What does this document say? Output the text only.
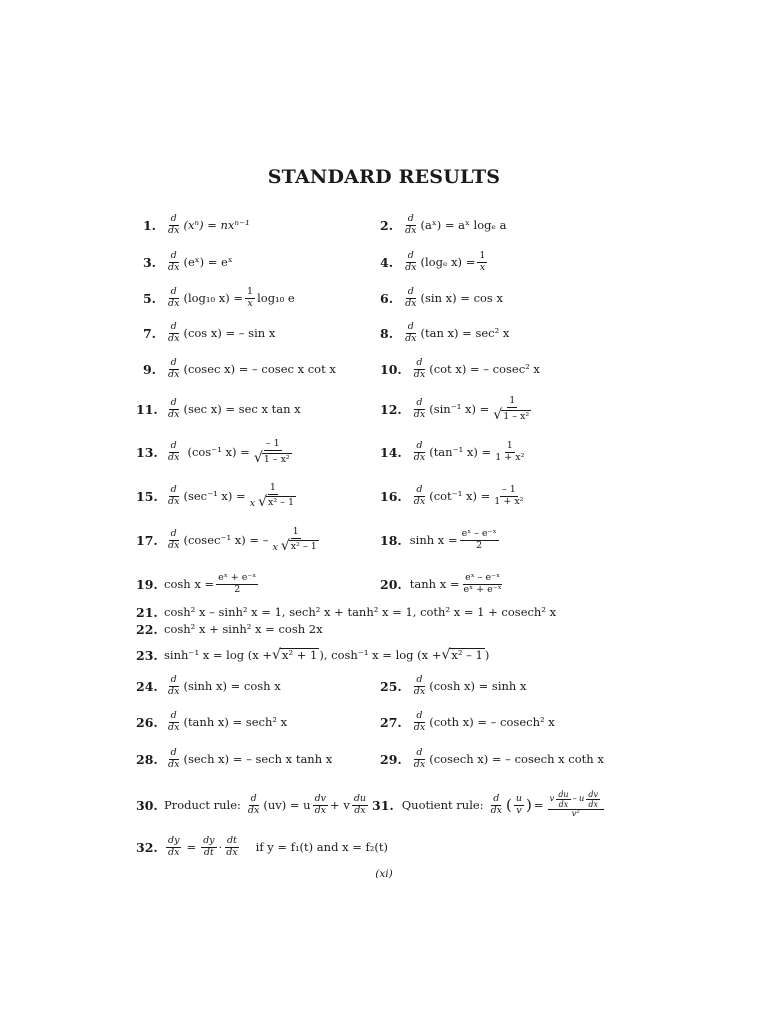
STANDARD RESULTS
1. $\frac{d}{dx} (x^n) = nx^{n-1}$	2. $\frac{d}{dx}$ (aˣ) = aˣ logₑ a
3. $\frac{d}{dx}$ (eˣ) = eˣ	4. $\frac{d}{dx} (\log_e$ $x) = \frac{1}{x}$
5. $\frac{d}{dx} (\log_{10}$ $x) = \frac{1}{x} \log_{10}$ e	6. $\frac{d}{dx} (\sin$ x) = cos x
7. $\frac{d}{dx} (\cos$ x) = – sin x	8. $\frac{d}{dx} (\tan$ x) = sec² x
9. $\frac{d}{dx} (cosec$ x) = – cosec x cot x	10. $\frac{d}{dx} (\cot$ x) = – cosec² x
11. $\frac{d}{dx} (\sec$ x) = sec x tan x	12. $\frac{d}{dx} (\sin^{-1}$ $x) = \frac{1}{\text{√ 1 – x²}}$
13. $\frac{d}{dx} (\cos^{-1}$ $x) = \frac{- 1}{\text{√ 1 – x²}}$	14. $\frac{d}{dx} (\tan^{-1}$ $x) = \frac{1}{\text{1 + x²}}$
15. $\frac{d}{dx} (\sec^{-1}$ $x) = \frac{1}{\text{x √ x² – 1}}$	16. $\frac{d}{dx} (\cot^{-1}$ $x) = \frac{- 1}{\text{1 + x²}}$
17. $\frac{d}{dx} (cosec^{-1}$ x) = – $\frac{1}{\text{x √ x² – 1}}$	18. $\sinh x = \frac{\text{eˣ – e⁻ˣ}}{2}$
19. $\cosh x = \frac{\text{eˣ + e⁻ˣ}}{2}$	20. $\tanh x = \frac{\text{eˣ – e⁻ˣ}}{\text{eˣ + e⁻ˣ}}$
21. cosh² x – sinh² x = 1, sech² x + tanh² x = 1, coth² x = 1 + cosech² x
22. cosh² x + sinh² x = cosh 2x
23. sinh⁻¹ x = log (x + √ x² + 1 ), cosh⁻¹ x = log (x + √ x² – 1 )
24. $\frac{d}{dx} (\sinh$ x) = cosh x	25. $\frac{d}{dx} (\cosh$ x) = sinh x
26. $\frac{d}{dx} (\tanh$ x) = sech² x	27. $\frac{d}{dx} (\cot h$ x) = – cosech² x
28. $\frac{d}{dx} (\sec h$ x) = – sech x tanh x	29. $\frac{d}{dx} (cosech$ x) = – cosech x coth x
30. Product rule: $\frac{d}{dx} (uv) = u \frac{dv}{dx} + v \frac{du}{dx} 31$. Quotient rule: $\frac{d}{dx}$ ( $\frac{u}{v}$ ) = $\frac{v \frac{du}{dx} - u \frac{dv}{dx}}{\text{v²}}$
32. $\frac{dy}{dx} = \frac{dy}{dt} \cdot \frac{dt}{dx}$ if y = f₁(t) and x = f₂(t)
(xi)
